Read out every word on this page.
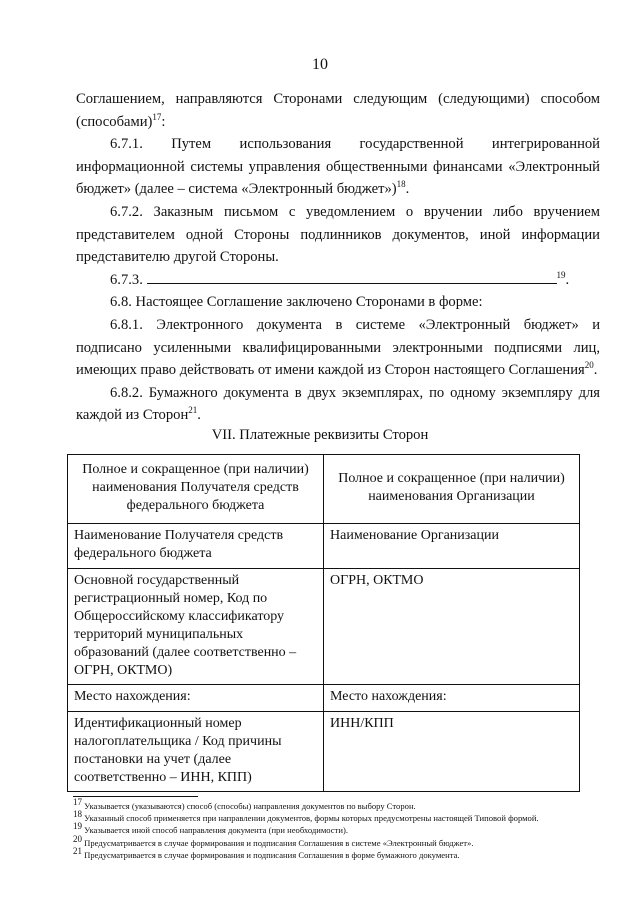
10

Соглашением, направляются Сторонами следующим (следующими) способом (способами)$^{17}$:

6.7.1. Путем использования государственной интегрированной информационной системы управления общественными финансами «Электронный бюджет» (далее – система «Электронный бюджет»)$^{18}$.

6.7.2. Заказным письмом с уведомлением о вручении либо вручением представителем одной Стороны подлинников документов, иной информации представителю другой Стороны.

6.7.3.	$^{19}$.

6.8. Настоящее Соглашение заключено Сторонами в форме:

6.8.1. Электронного документа в системе «Электронный бюджет» и подписано усиленными квалифицированными электронными подписями лиц, имеющих право действовать от имени каждой из Сторон настоящего Соглашения$^{20}$.

6.8.2. Бумажного документа в двух экземплярах, по одному экземпляру для каждой из Сторон$^{21}$.

VII. Платежные реквизиты Сторон
Полное и сокращенное (при наличии) наименования Получателя средств федерального бюджета	Полное и сокращенное (при наличии) наименования Организации
Наименование Получателя средств федерального бюджета	Наименование Организации
Основной государственный регистрационный номер, Код по Общероссийскому классификатору территорий муниципальных образований (далее соответственно – ОГРН, ОКТМО)	ОГРН, ОКТМО
Место нахождения:	Место нахождения:
Идентификационный номер налогоплательщика / Код причины постановки на учет (далее соответственно – ИНН, КПП)	ИНН/КПП
$^{17}$ Указывается (указываются) способ (способы) направления документов по выбору Сторон.
$^{18}$ Указанный способ применяется при направлении документов, формы которых предусмотрены настоящей Типовой формой.
$^{19}$ Указывается иной способ направления документа (при необходимости).
$^{20}$ Предусматривается в случае формирования и подписания Соглашения в системе «Электронный бюджет».
$^{21}$ Предусматривается в случае формирования и подписания Соглашения в форме бумажного документа.
